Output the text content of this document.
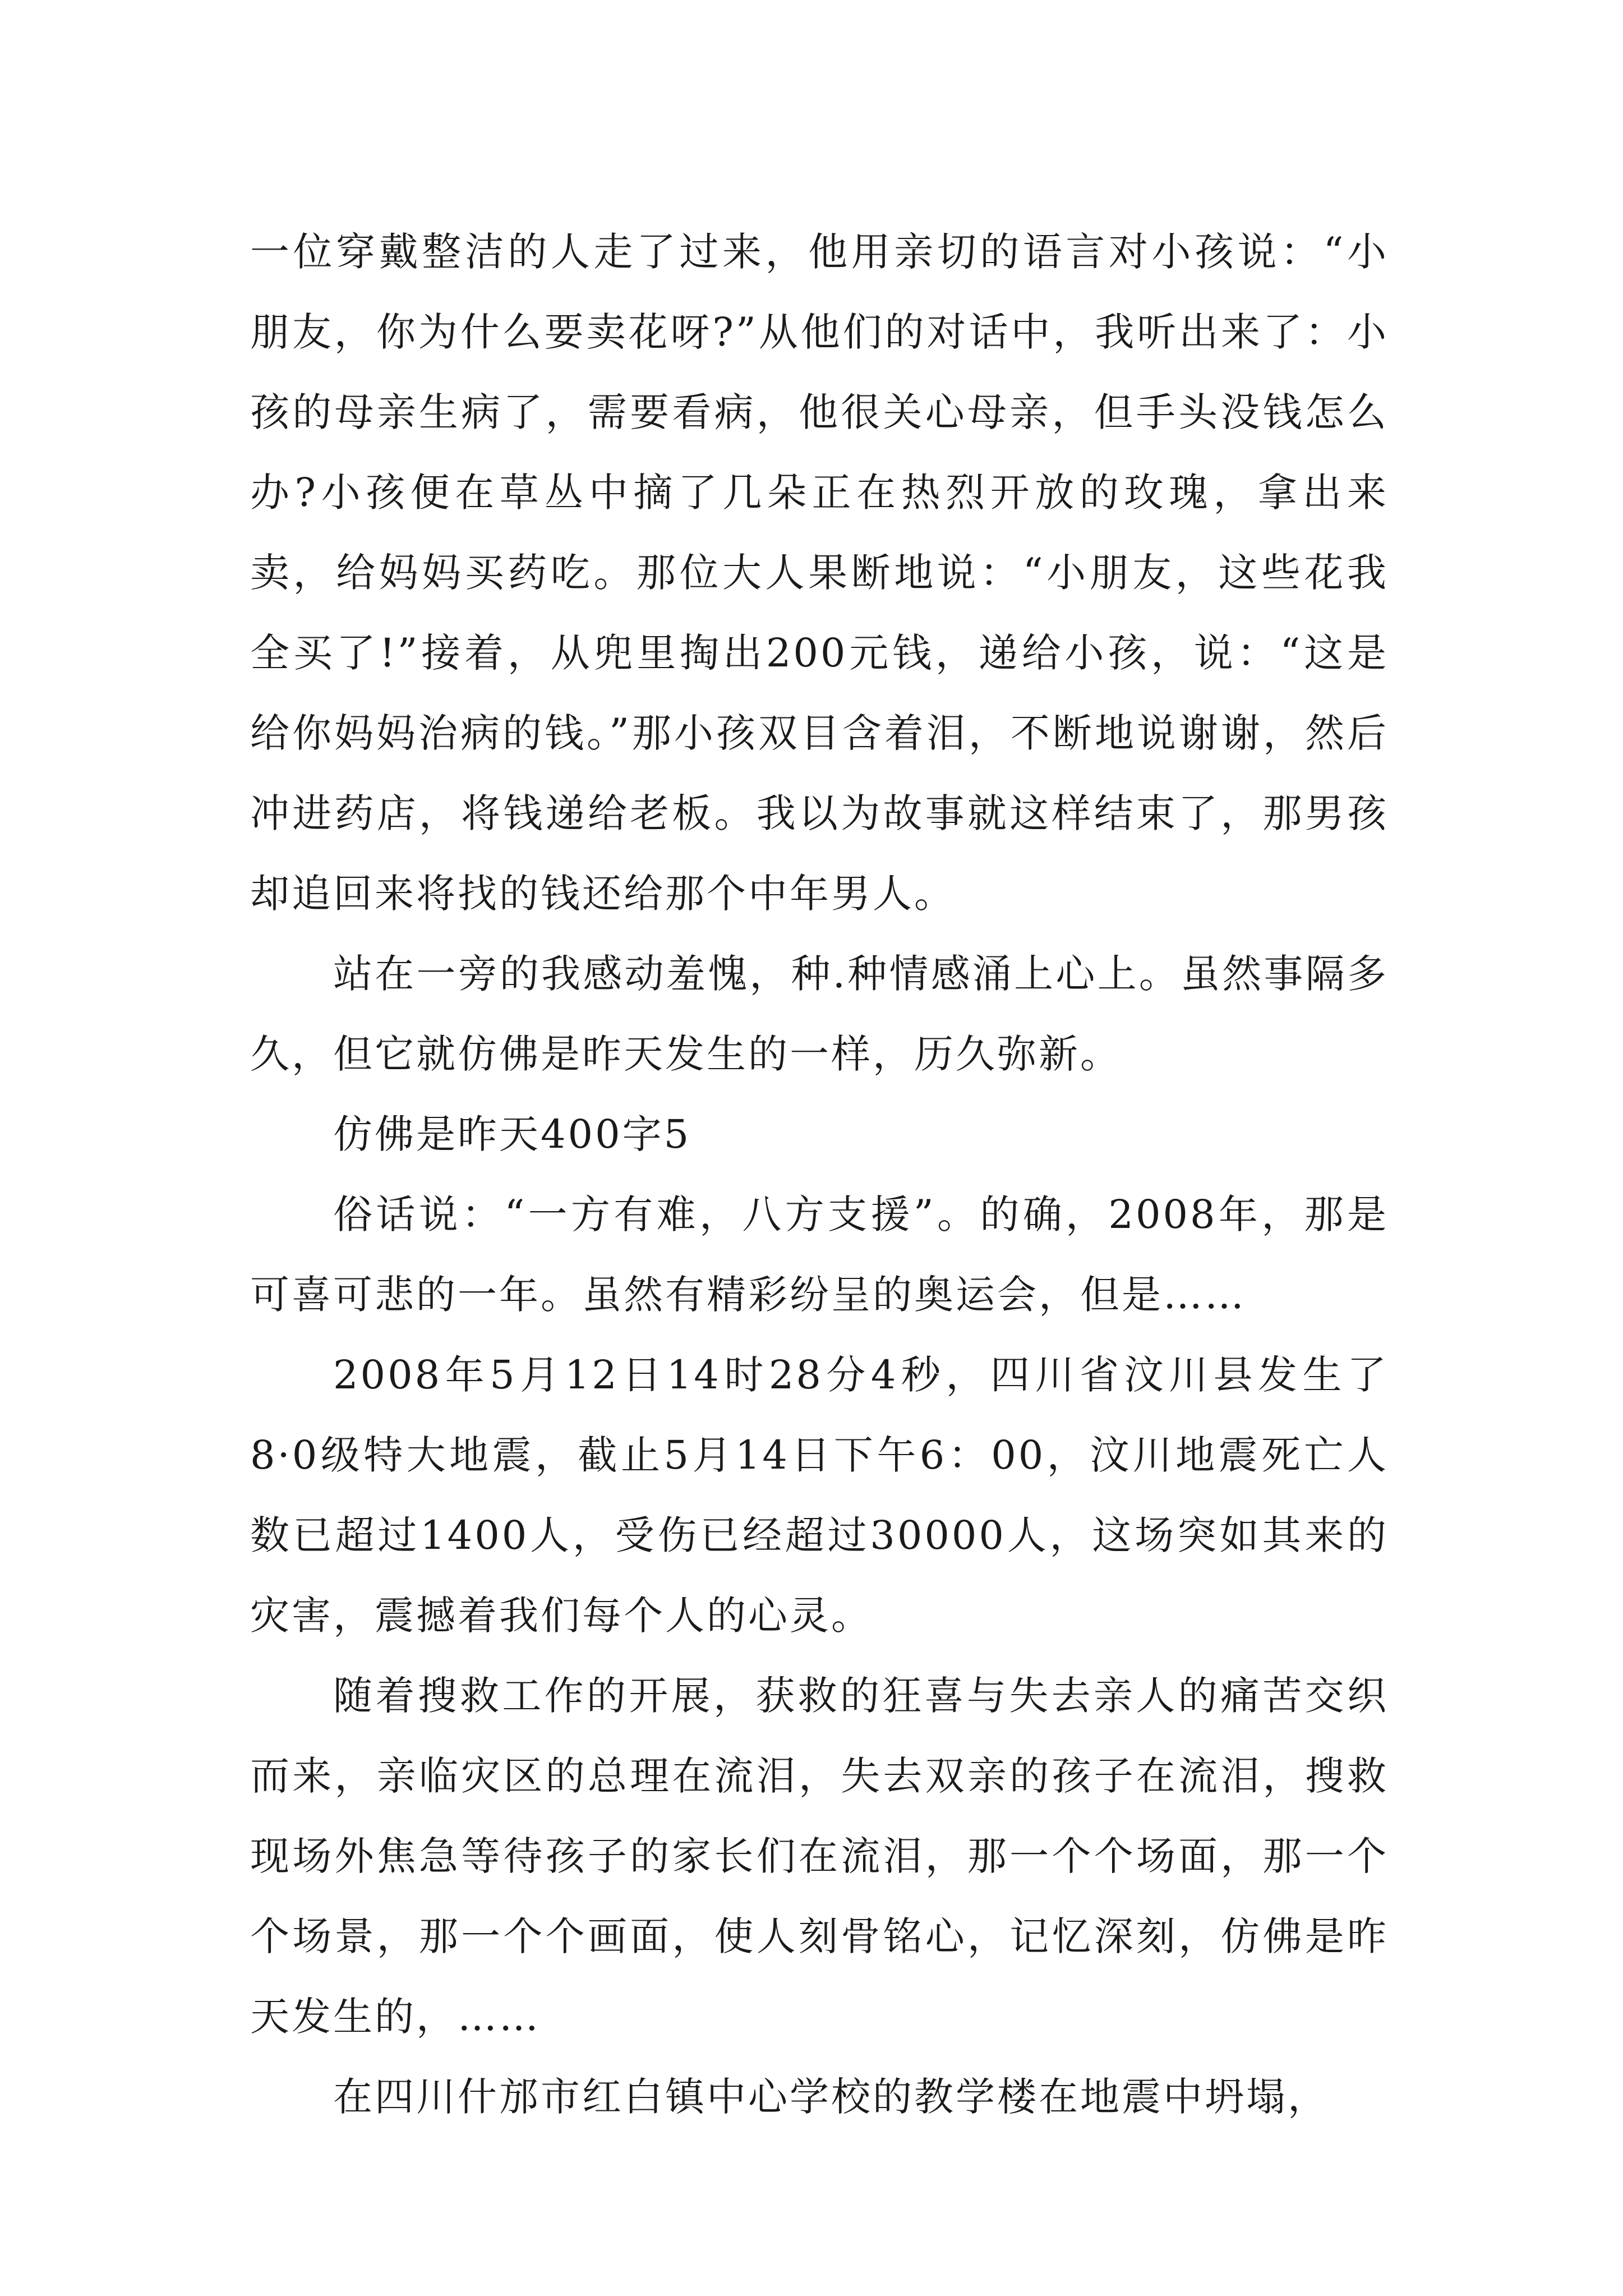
一位穿戴整洁的人走了过来，他用亲切的语言对小孩说：“小朋友，你为什么要卖花呀?”从他们的对话中，我听出来了：小孩的母亲生病了，需要看病，他很关心母亲，但手头没钱怎么办?小孩便在草丛中摘了几朵正在热烈开放的玫瑰，拿出来卖，给妈妈买药吃。那位大人果断地说：“小朋友，这些花我全买了!”接着，从兜里掏出200元钱，递给小孩，说：“这是给你妈妈治病的钱。”那小孩双目含着泪，不断地说谢谢，然后冲进药店，将钱递给老板。我以为故事就这样结束了，那男孩却追回来将找的钱还给那个中年男人。

站在一旁的我感动羞愧，种.种情感涌上心上。虽然事隔多久，但它就仿佛是昨天发生的一样，历久弥新。

仿佛是昨天400字5

俗话说：“一方有难，八方支援”。的确，2008年，那是可喜可悲的一年。虽然有精彩纷呈的奥运会，但是……

2008年5月12日14时28分4秒，四川省汶川县发生了8·0级特大地震，截止5月14日下午6：00，汶川地震死亡人数已超过1400人，受伤已经超过30000人，这场突如其来的灾害，震撼着我们每个人的心灵。

随着搜救工作的开展，获救的狂喜与失去亲人的痛苦交织而来，亲临灾区的总理在流泪，失去双亲的孩子在流泪，搜救现场外焦急等待孩子的家长们在流泪，那一个个场面，那一个个场景，那一个个画面，使人刻骨铭心，记忆深刻，仿佛是昨天发生的，……

在四川什邡市红白镇中心学校的教学楼在地震中坍塌，
